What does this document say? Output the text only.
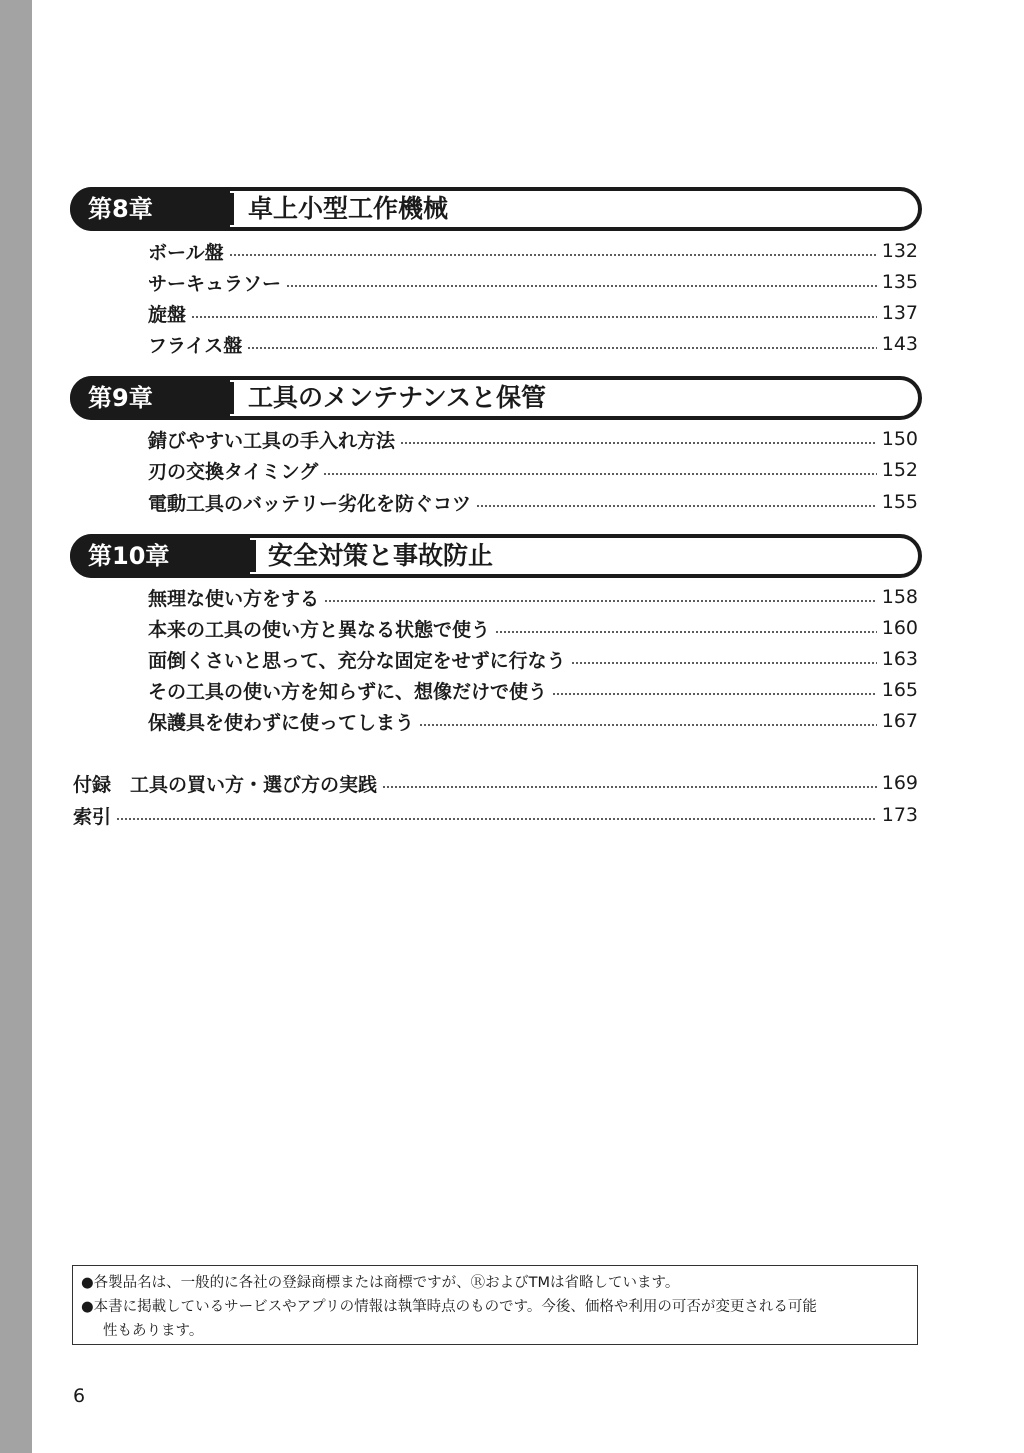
第8章	卓上小型工作機械
ボール盤	132
サーキュラソー	135
旋盤	137
フライス盤	143
第9章	工具のメンテナンスと保管
錆びやすい工具の手入れ方法	150
刃の交換タイミング	152
電動工具のバッテリー劣化を防ぐコツ	155
第10章	安全対策と事故防止
無理な使い方をする	158
本来の工具の使い方と異なる状態で使う	160
面倒くさいと思って、充分な固定をせずに行なう	163
その工具の使い方を知らずに、想像だけで使う	165
保護具を使わずに使ってしまう	167
付録　工具の買い方・選び方の実践	169
索引	173
●各製品名は、一般的に各社の登録商標または商標ですが、ⓇおよびTMは省略しています。
●本書に掲載しているサービスやアプリの情報は執筆時点のものです。今後、価格や利用の可否が変更される可能
性もあります。
6
